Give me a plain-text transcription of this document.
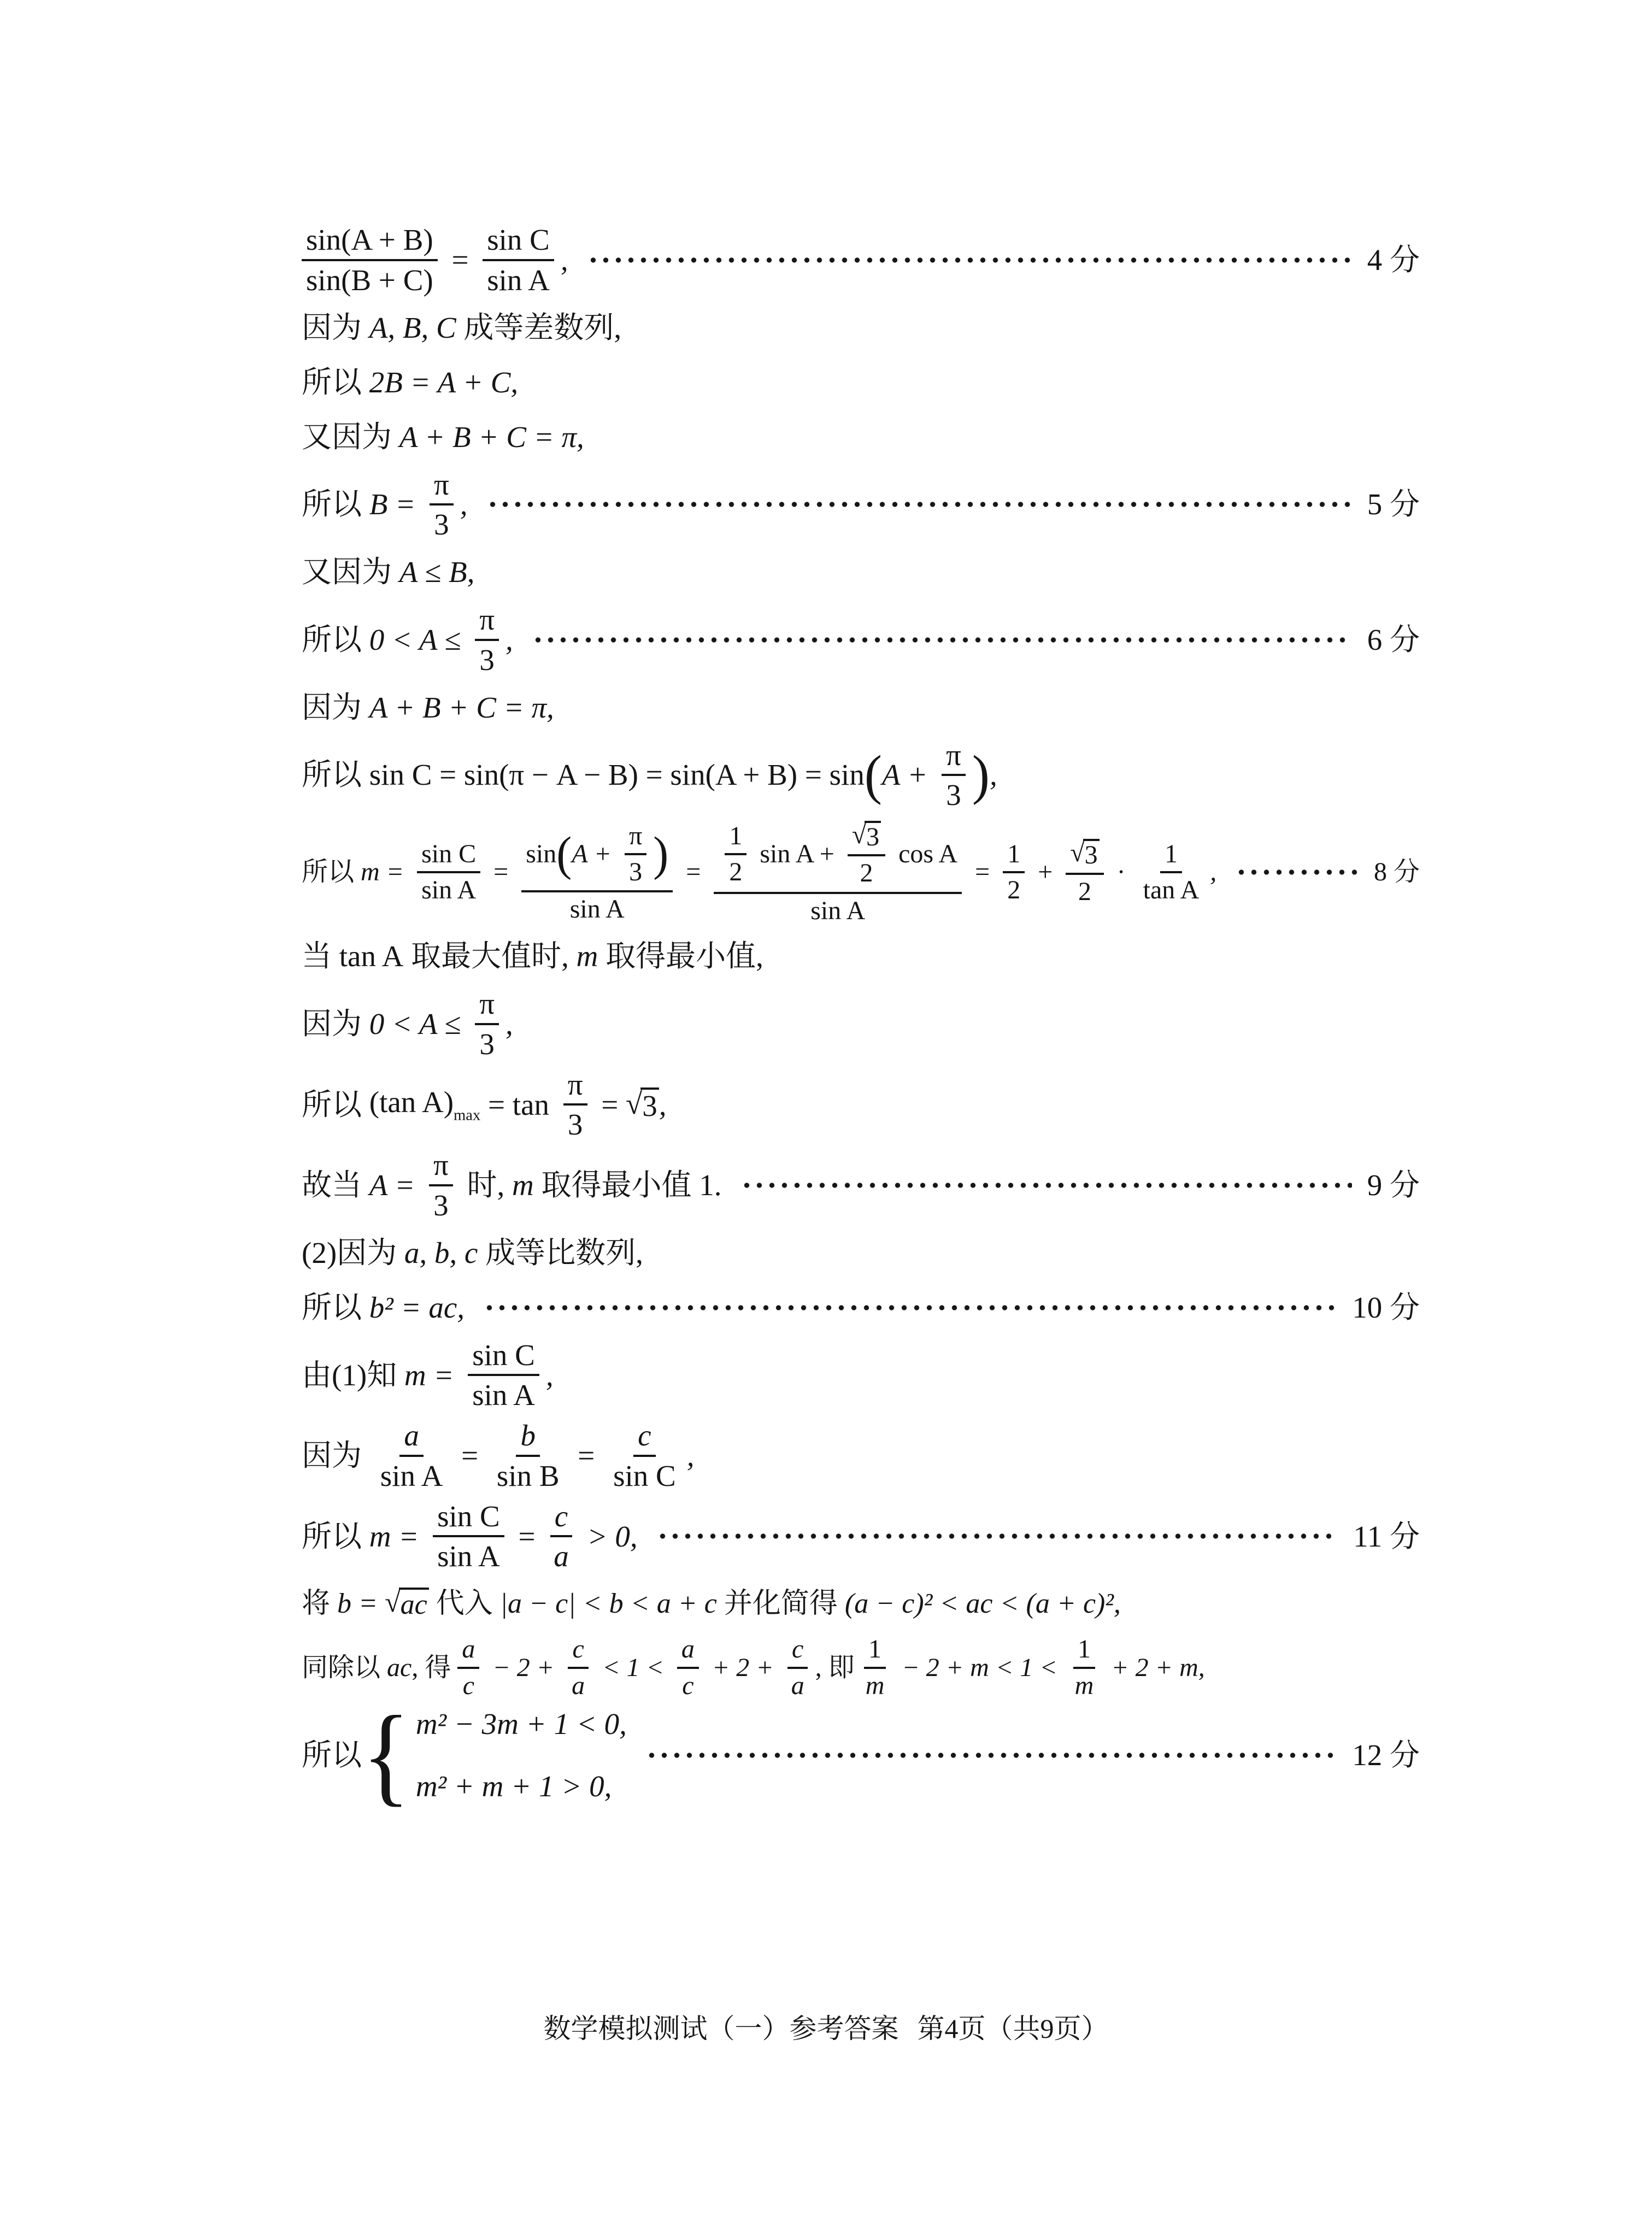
$\frac{\sin(A + B)}{\sin(B + C)} = \frac{\text{sin C}}{\text{sin A}}$ ,	4 分
因为 A, B, C 成等差数列,
所以 2B = A + C,
又因为 A + B + C = π,
所以 $B = \frac{\pi}{3}$ ,	5 分
又因为 A ≤ B,
所以 $0 < A \le \frac{\pi}{3}$ ,	6 分
因为 A + B + C = π,
所以 sin C = sin(π − A − B) = sin(A + B) = sin ( $A + \frac{\pi}{3}$ ) ,
所以 $m = \frac{\text{sin C}}{\text{sin A}}$ =
sin ( $A + \frac{\pi}{3}$ )
sin A
= $\frac{1}{2}$ $\sin A + \frac{√ 3}{2}$ cos A
sin A
= $\frac{1}{2} + \frac{√ 3}{2} \cdot \frac{1}{\text{tan A}}$ ,	8 分
当 tan A 取最大值时, m 取得最小值,
因为 $0 < A \le \frac{\pi}{3}$ ,
所以 (tan $A)_{max} = \tan \frac{\pi}{3}$ = √ 3 ,
故当 $A = \frac{\pi}{3}$ 时, m 取得最小值 1.	9 分
(2)因为 a, b, c 成等比数列,
所以 b² = ac,	10 分
由(1)知 $m = \frac{\text{sin C}}{\text{sin A}}$ ,
因为 $\frac{a}{\text{sin A}} = \frac{b}{\text{sin B}} = \frac{c}{\text{sin C}}$ ,
所以 $m = \frac{\text{sin C}}{\text{sin A}} = \frac{c}{a} > 0$,	11 分
将 b = √ ac 代入 |a − c| < b < a + c 并化简得 (a − c)² < ac < (a + c)²,
同除以 ac , 得 $\frac{a}{c} - 2 + \frac{c}{a} < 1 < \frac{a}{c} + 2 + \frac{c}{a}$ , 即 $\frac{1}{m} - 2 + m < 1 < \frac{1}{m} + 2 + m$,
所以 { m² − 3m + 1 < 0,
m² + m + 1 > 0,
12 分
数学模拟测试（一）参考答案 第4页（共9页）
